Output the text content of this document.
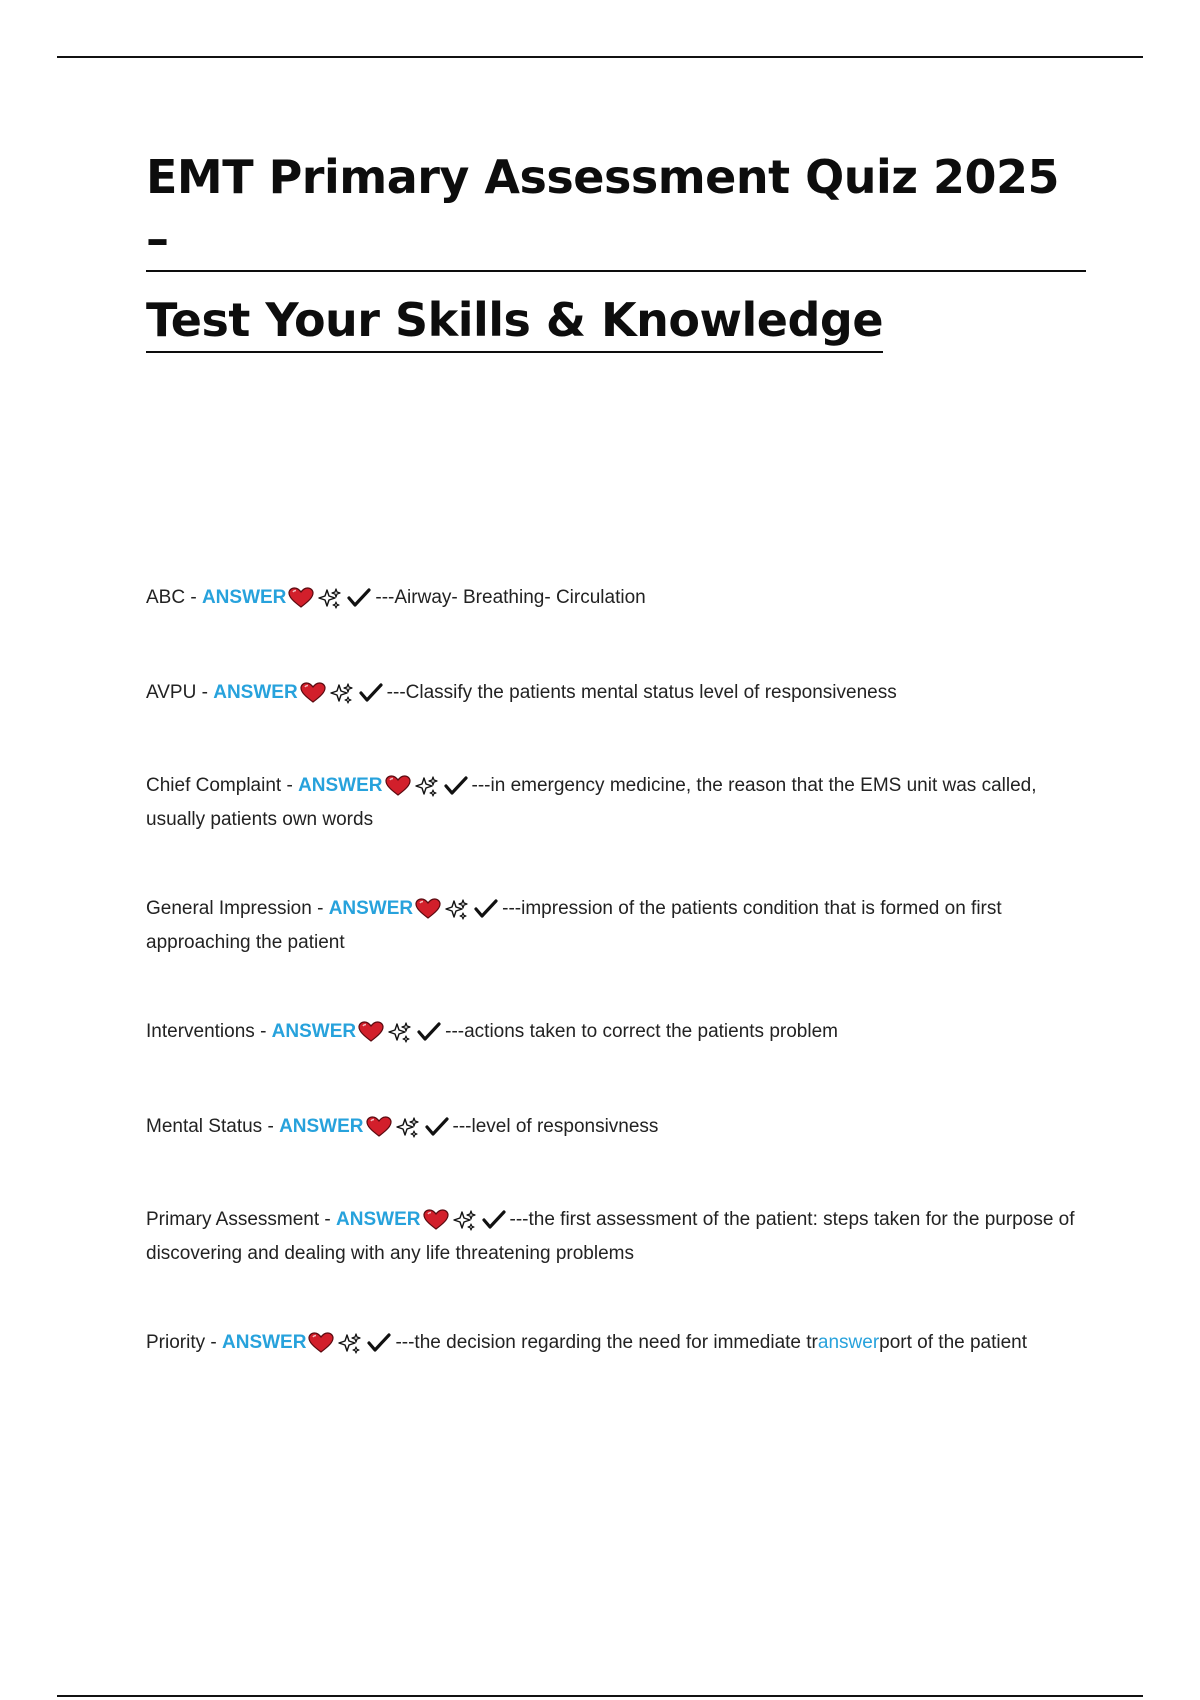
EMT Primary Assessment Quiz 2025 –
Test Your Skills & Knowledge
ABC - ANSWER	---Airway- Breathing- Circulation
AVPU - ANSWER	---Classify the patients mental status level of responsiveness
Chief Complaint - ANSWER	---in emergency medicine, the reason that the EMS unit was called, usually patients own words
General Impression - ANSWER	---impression of the patients condition that is formed on first approaching the patient
Interventions - ANSWER	---actions taken to correct the patients problem
Mental Status - ANSWER	---level of responsivness
Primary Assessment - ANSWER	---the first assessment of the patient: steps taken for the purpose of discovering and dealing with any life threatening problems
Priority - ANSWER	---the decision regarding the need for immediate transwerport of the patient
